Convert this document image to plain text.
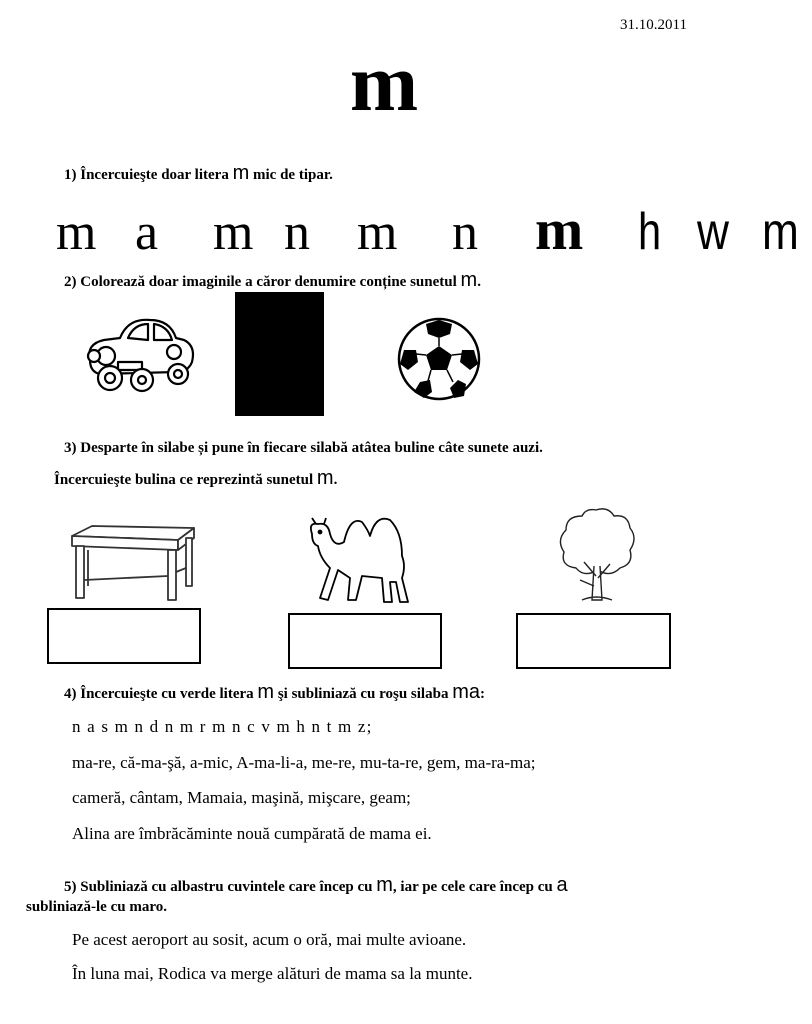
31.10.2011
m
1) Încercuieşte doar litera m mic de tipar.
m a m n m n m h w m
2) Colorează doar imaginile a căror denumire conține sunetul m.
3) Desparte în silabe și pune în fiecare silabă atâtea buline câte sunete auzi.
Încercuieşte bulina ce reprezintă sunetul m.
4) Încercuieşte cu verde litera m şi subliniază cu roşu silaba ma:
n a s m n d n m r m n c v m h n t m z;
ma-re, că-ma-şă, a-mic, A-ma-li-a, me-re, mu-ta-re, gem, ma-ra-ma;
cameră, cântam, Mamaia, maşină, mişcare, geam;
Alina are îmbrăcăminte nouă cumpărată de mama ei.
5) Subliniază cu albastru cuvintele care încep cu m, iar pe cele care încep cu a
subliniază-le cu maro.
Pe acest aeroport au sosit, acum o oră, mai multe avioane.
În luna mai, Rodica va merge alături de mama sa la munte.
